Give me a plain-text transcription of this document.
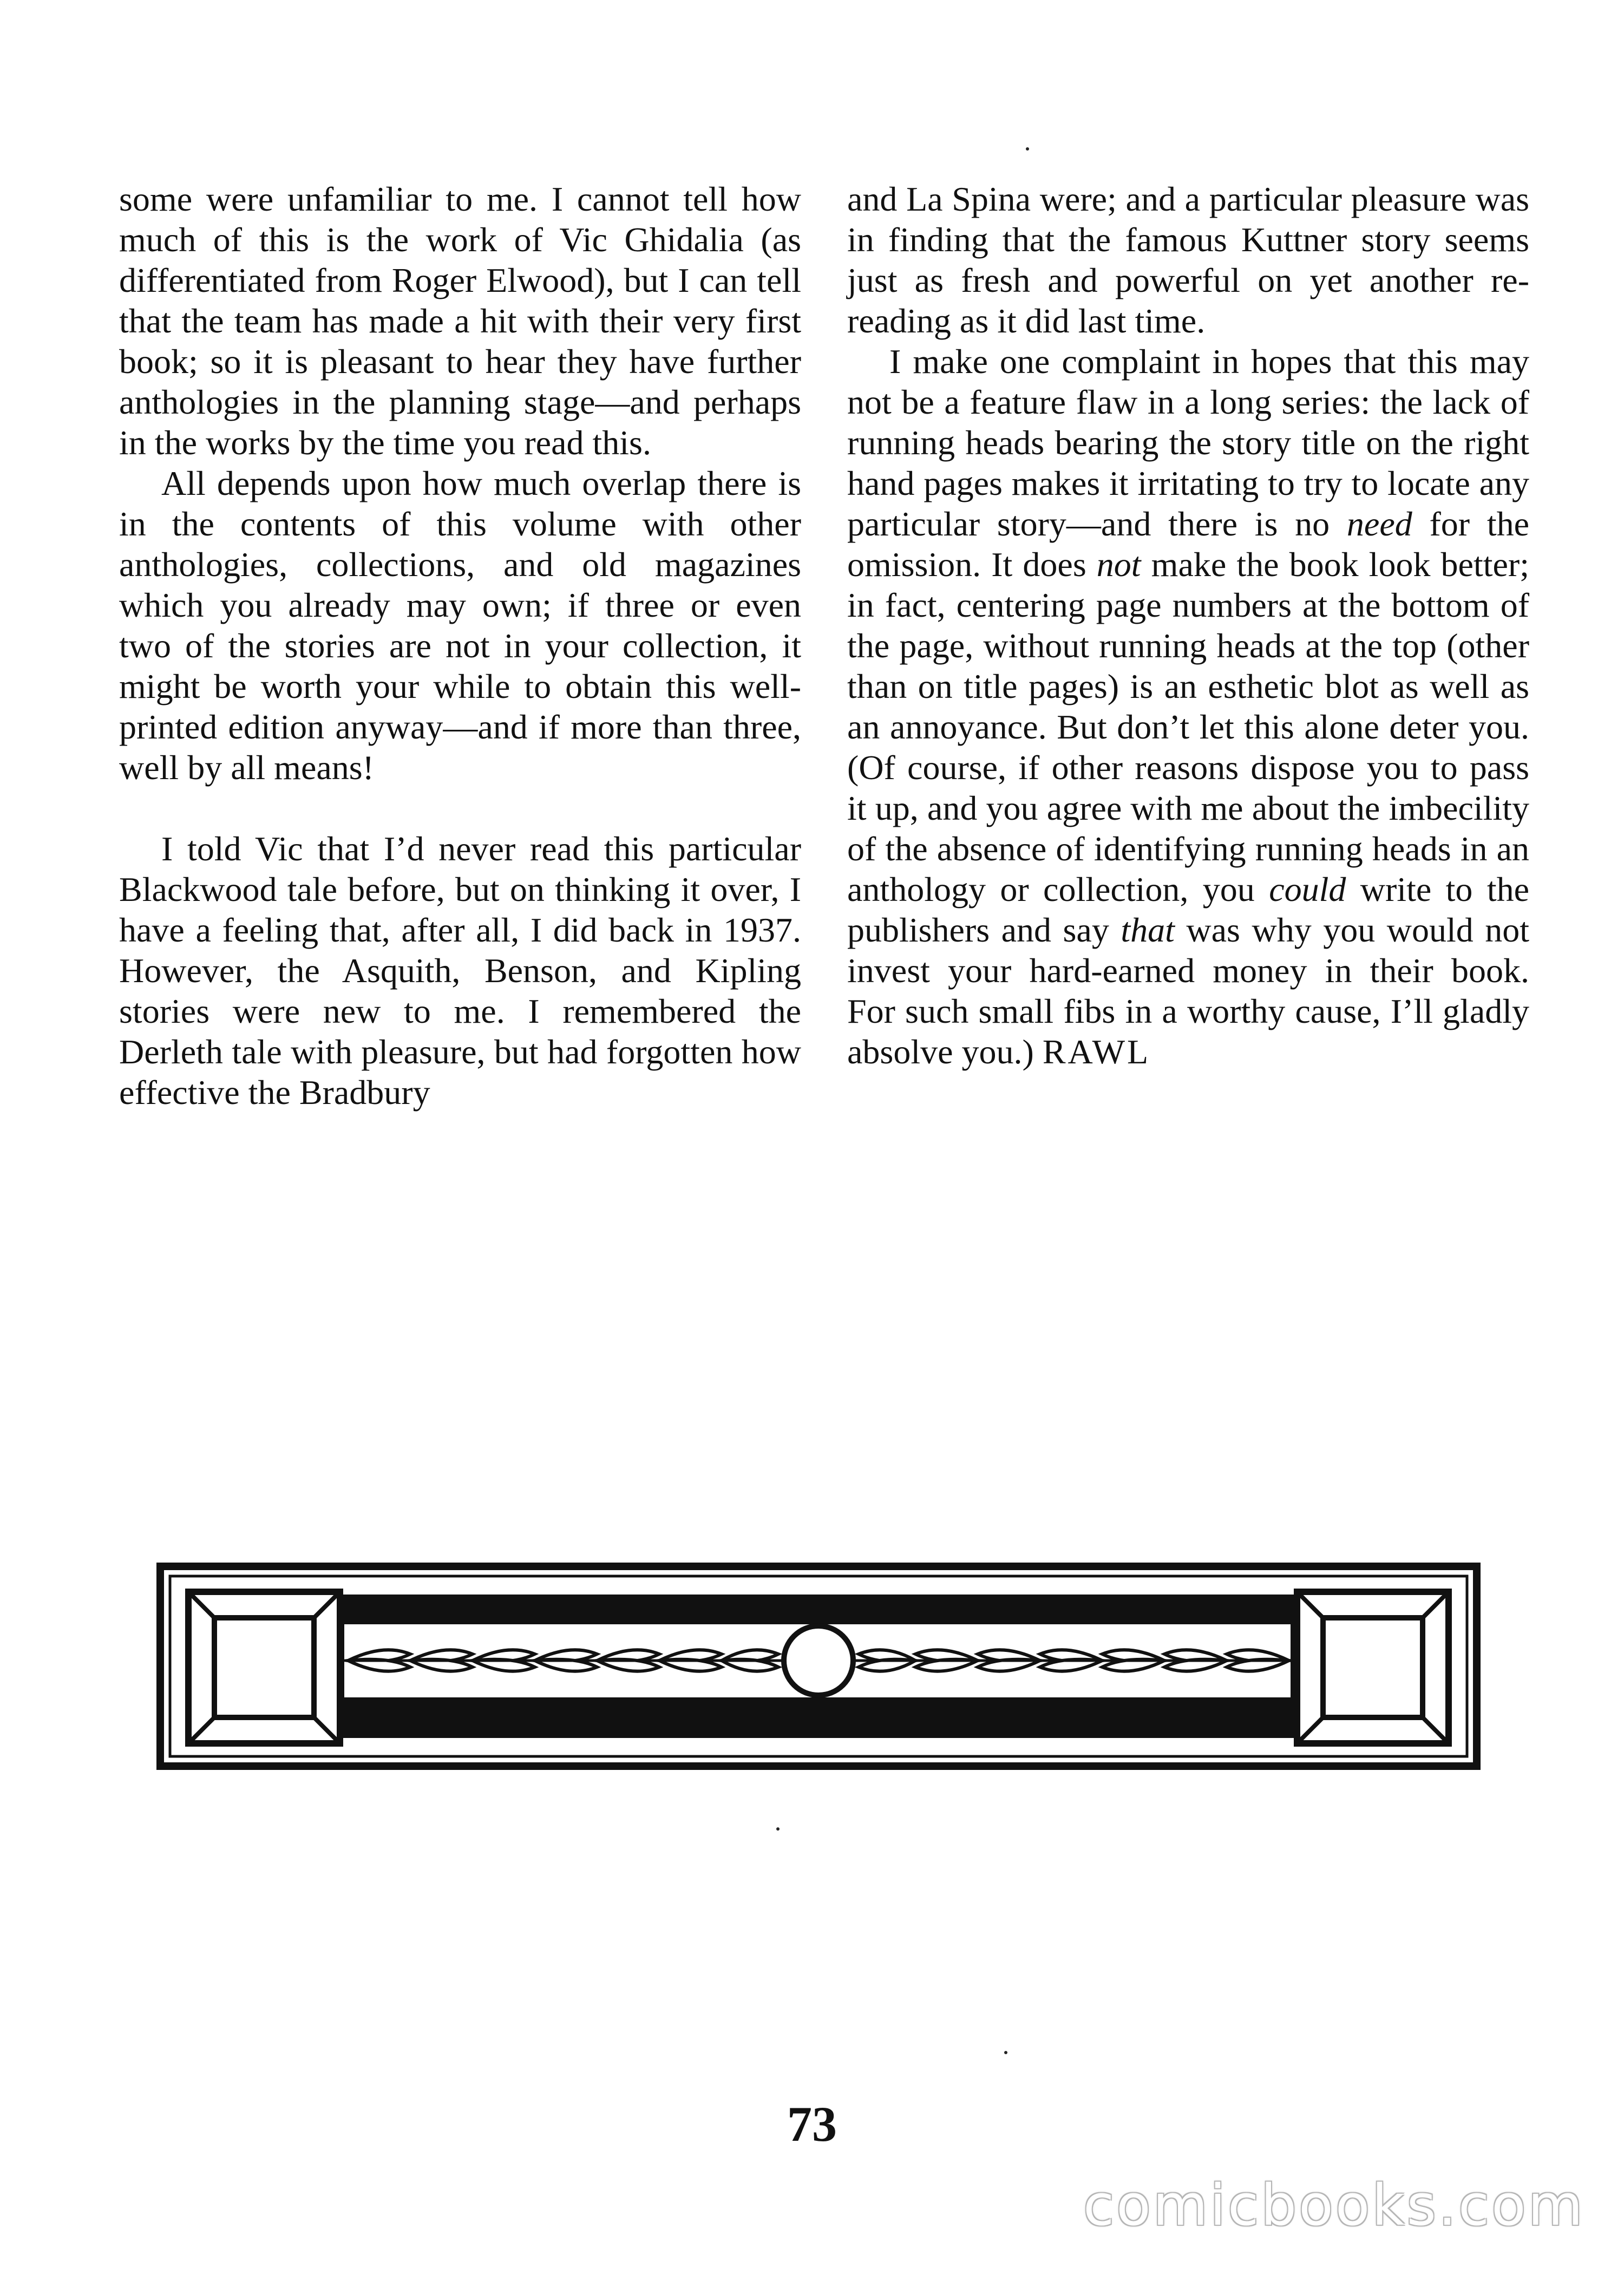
some were unfamiliar to me. I cannot tell how much of this is the work of Vic Ghidalia (as differentiated from Roger Elwood), but I can tell that the team has made a hit with their very first book; so it is pleasant to hear they have further anthologies in the planning stage—and perhaps in the works by the time you read this.

All depends upon how much overlap there is in the contents of this volume with other anthologies, collections, and old magazines which you already may own; if three or even two of the stories are not in your collection, it might be worth your while to obtain this well-printed edition anyway—and if more than three, well by all means!

I told Vic that I’d never read this particular Blackwood tale before, but on thinking it over, I have a feeling that, after all, I did back in 1937. However, the Asquith, Benson, and Kipling stories were new to me. I remembered the Derleth tale with pleasure, but had forgotten how effective the Bradbury

and La Spina were; and a particular pleasure was in finding that the famous Kuttner story seems just as fresh and powerful on yet another re-reading as it did last time.

I make one complaint in hopes that this may not be a feature flaw in a long series: the lack of running heads bearing the story title on the right hand pages makes it irritating to try to locate any particular story—and there is no need for the omission. It does not make the book look better; in fact, centering page numbers at the bottom of the page, without running heads at the top (other than on title pages) is an esthetic blot as well as an annoyance. But don’t let this alone deter you. (Of course, if other reasons dispose you to pass it up, and you agree with me about the imbecility of the absence of identifying running heads in an anthology or collection, you could write to the publishers and say that was why you would not invest your hard-earned money in their book. For such small fibs in a worthy cause, I’ll gladly absolve you.) RAWL

73
comicbooks.com
